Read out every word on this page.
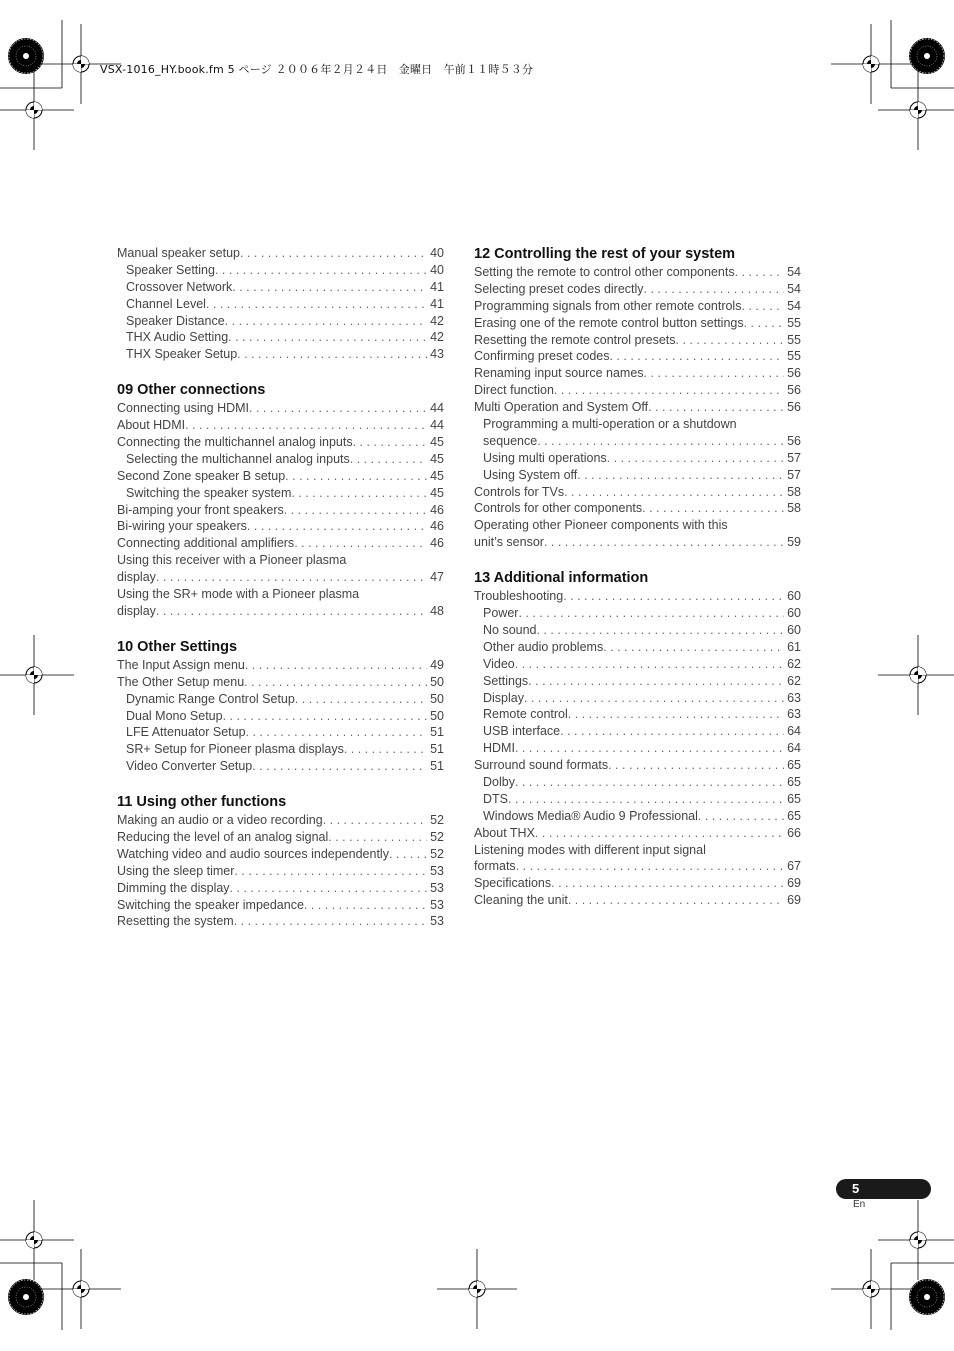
VSX-1016_HY.book.fm 5 ページ ２００６年２月２４日　金曜日　午前１１時５３分
Manual speaker setup . . .	40
Speaker Setting . . .	40
Crossover Network . . .	41
Channel Level . . .	41
Speaker Distance . . .	42
THX Audio Setting . . .	42
THX Speaker Setup . . .	43
09 Other connections
Connecting using HDMI . . .	44
About HDMI . . .	44
Connecting the multichannel analog inputs . . .	45
Selecting the multichannel analog inputs . . .	45
Second Zone speaker B setup . . .	45
Switching the speaker system . . .	45
Bi-amping your front speakers . . .	46
Bi-wiring your speakers . . .	46
Connecting additional amplifiers . . .	46
Using this receiver with a Pioneer plasma
display . . .	47
Using the SR+ mode with a Pioneer plasma
display . . .	48
10 Other Settings
The Input Assign menu . . .	49
The Other Setup menu . . .	50
Dynamic Range Control Setup . . .	50
Dual Mono Setup . . .	50
LFE Attenuator Setup . . .	51
SR+ Setup for Pioneer plasma displays . . .	51
Video Converter Setup . . .	51
11 Using other functions
Making an audio or a video recording . . .	52
Reducing the level of an analog signal . . .	52
Watching video and audio sources independently . . .	52
Using the sleep timer . . .	53
Dimming the display . . .	53
Switching the speaker impedance . . .	53
Resetting the system . . .	53
12 Controlling the rest of your system
Setting the remote to control other components . . .	54
Selecting preset codes directly . . .	54
Programming signals from other remote controls . . .	54
Erasing one of the remote control button settings . . .	55
Resetting the remote control presets . . .	55
Confirming preset codes . . .	55
Renaming input source names . . .	56
Direct function . . .	56
Multi Operation and System Off . . .	56
Programming a multi-operation or a shutdown
sequence . . .	56
Using multi operations . . .	57
Using System off . . .	57
Controls for TVs . . .	58
Controls for other components . . .	58
Operating other Pioneer components with this
unit’s sensor . . .	59
13 Additional information
Troubleshooting . . .	60
Power . . .	60
No sound . . .	60
Other audio problems . . .	61
Video . . .	62
Settings . . .	62
Display . . .	63
Remote control . . .	63
USB interface . . .	64
HDMI . . .	64
Surround sound formats . . .	65
Dolby . . .	65
DTS . . .	65
Windows Media® Audio 9 Professional . . .	65
About THX . . .	66
Listening modes with different input signal
formats . . .	67
Specifications . . .	69
Cleaning the unit . . .	69
5
En
